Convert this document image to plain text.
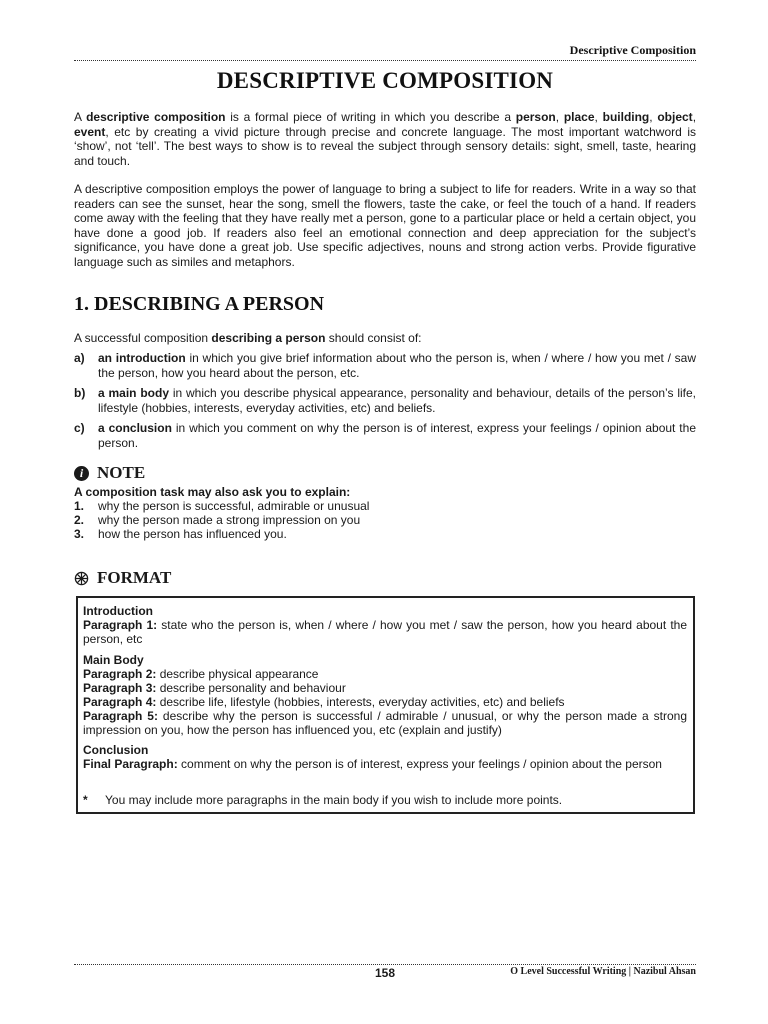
Descriptive Composition
DESCRIPTIVE COMPOSITION

A descriptive composition is a formal piece of writing in which you describe a person, place, building, object, event, etc by creating a vivid picture through precise and concrete language. The most important watchword is ‘show’, not ‘tell’. The best ways to show is to reveal the subject through sensory details: sight, smell, taste, hearing and touch.

A descriptive composition employs the power of language to bring a subject to life for readers. Write in a way so that readers can see the sunset, hear the song, smell the flowers, taste the cake, or feel the touch of a hand. If readers come away with the feeling that they have really met a person, gone to a particular place or held a certain object, you have done a good job. If readers also feel an emotional connection and deep appreciation for the subject’s significance, you have done a great job. Use specific adjectives, nouns and strong action verbs. Provide figurative language such as similes and metaphors.

1. DESCRIBING A PERSON

A successful composition describing a person should consist of:

a) an introduction in which you give brief information about who the person is, when / where / how you met / saw the person, how you heard about the person, etc.
b) a main body in which you describe physical appearance, personality and behaviour, details of the person’s life, lifestyle (hobbies, interests, everyday activities, etc) and beliefs.
c) a conclusion in which you comment on why the person is of interest, express your feelings / opinion about the person.
i NOTE
A composition task may also ask you to explain:
1. why the person is successful, admirable or unusual
2. why the person made a strong impression on you
3. how the person has influenced you.
FORMAT
Introduction
Paragraph 1: state who the person is, when / where / how you met / saw the person, how you heard about the person, etc
Main Body
Paragraph 2: describe physical appearance
Paragraph 3: describe personality and behaviour
Paragraph 4: describe life, lifestyle (hobbies, interests, everyday activities, etc) and beliefs
Paragraph 5: describe why the person is successful / admirable / unusual, or why the person made a strong impression on you, how the person has influenced you, etc (explain and justify)
Conclusion
Final Paragraph: comment on why the person is of interest, express your feelings / opinion about the person
* You may include more paragraphs in the main body if you wish to include more points.
158	O Level Successful Writing | Nazibul Ahsan
